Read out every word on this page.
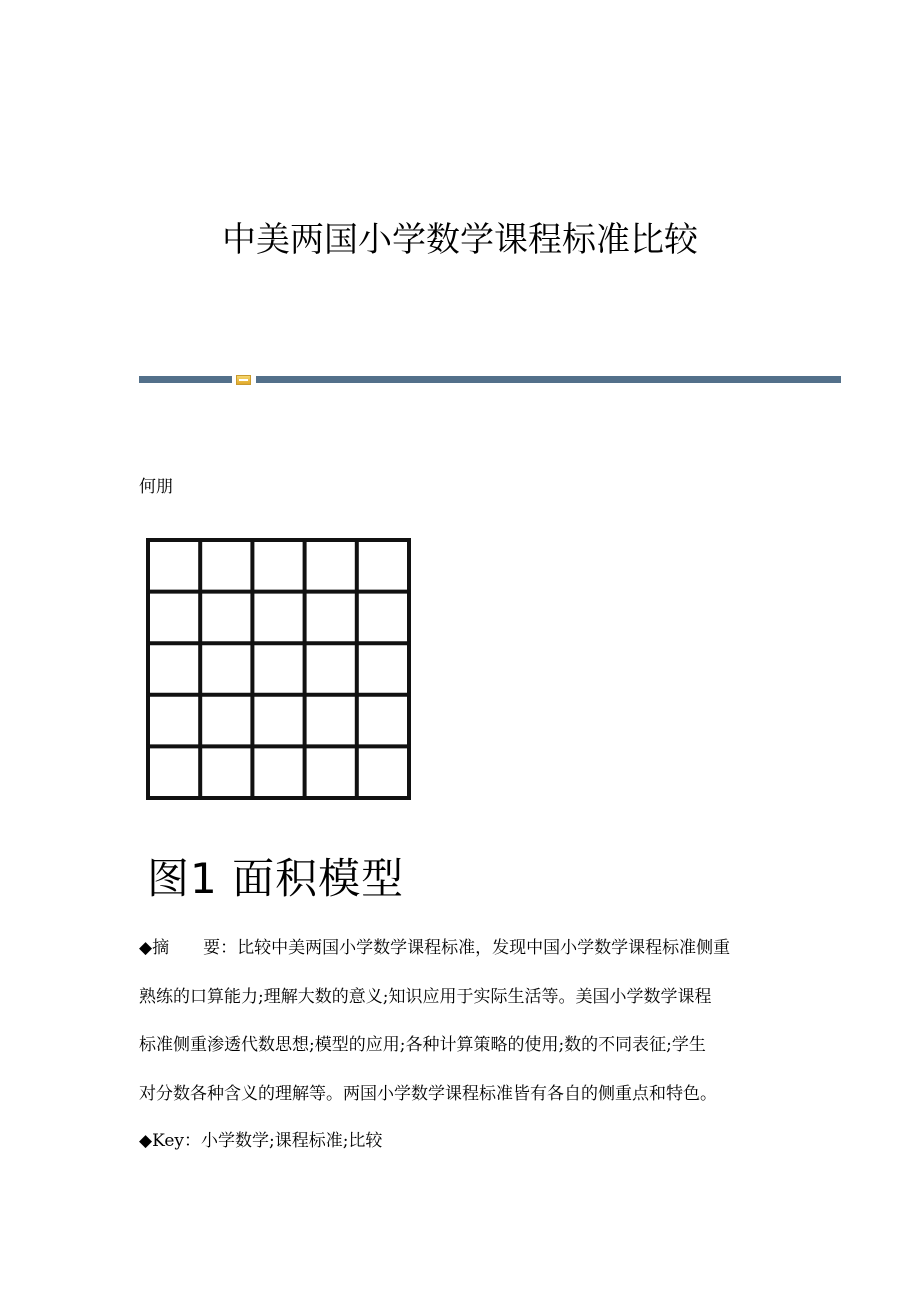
中美两国小学数学课程标准比较
何朋
图1 面积模型

◆摘　　要：比较中美两国小学数学课程标准，发现中国小学数学课程标准侧重

熟练的口算能力;理解大数的意义;知识应用于实际生活等。美国小学数学课程

标准侧重渗透代数思想;模型的应用;各种计算策略的使用;数的不同表征;学生

对分数各种含义的理解等。两国小学数学课程标准皆有各自的侧重点和特色。

◆Key：小学数学;课程标准;比较
